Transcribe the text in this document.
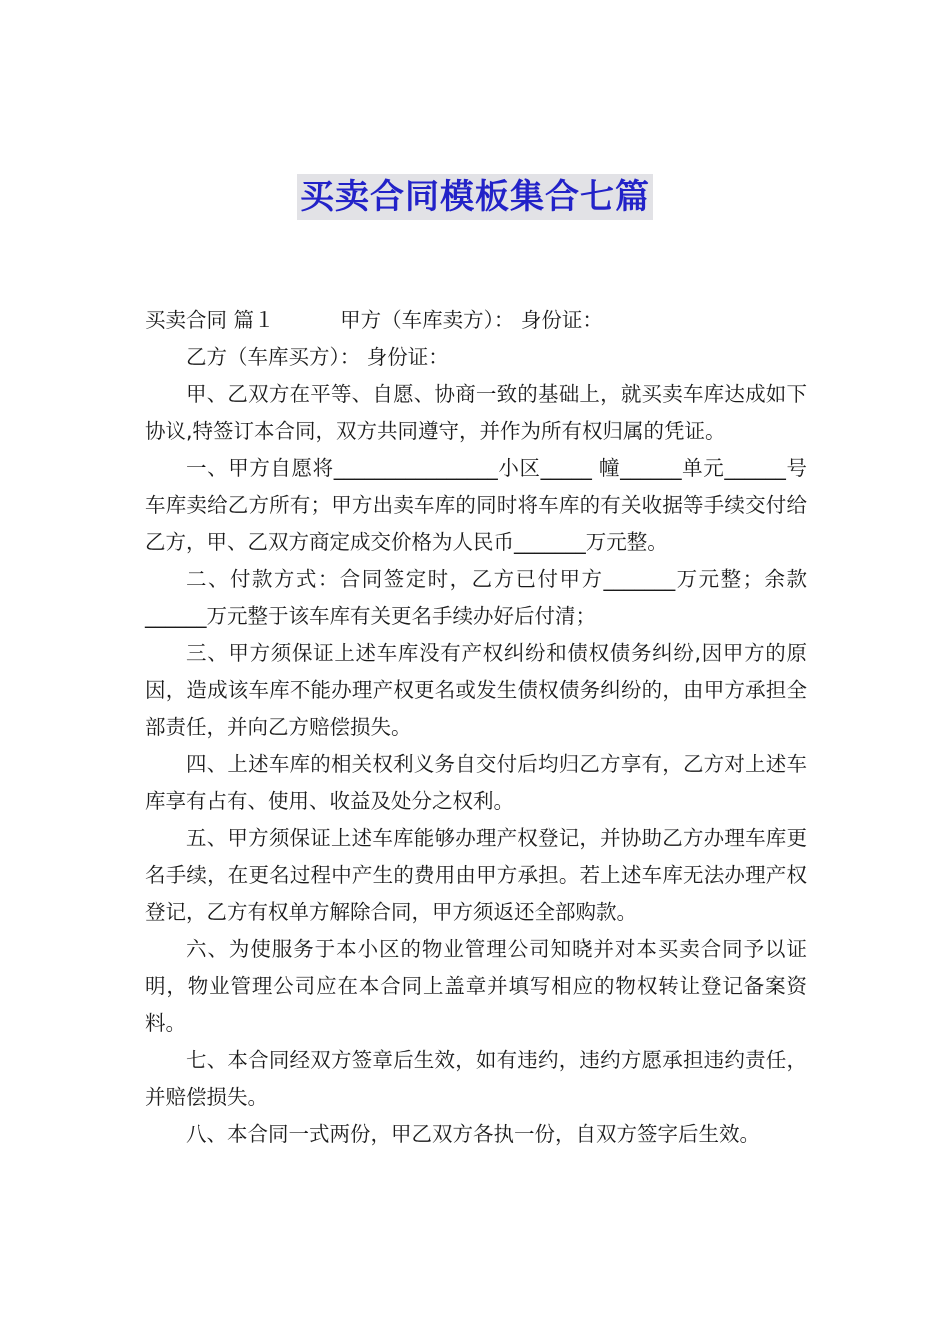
买卖合同模板集合七篇

买卖合同 篇１	甲方（车库卖方）： 身份证：

乙方（车库买方）： 身份证：

甲、乙双方在平等、自愿、协商一致的基础上，就买卖车库达成如下协议,特签订本合同，双方共同遵守，并作为所有权归属的凭证。

一、甲方自愿将________________小区_____ 幢______单元______号车库卖给乙方所有；甲方出卖车库的同时将车库的有关收据等手续交付给乙方，甲、乙双方商定成交价格为人民币_______万元整。

二、付款方式：合同签定时，乙方已付甲方_______万元整；余款______万元整于该车库有关更名手续办好后付清；

三、甲方须保证上述车库没有产权纠纷和债权债务纠纷,因甲方的原因，造成该车库不能办理产权更名或发生债权债务纠纷的，由甲方承担全部责任，并向乙方赔偿损失。

四、上述车库的相关权利义务自交付后均归乙方享有，乙方对上述车库享有占有、使用、收益及处分之权利。

五、甲方须保证上述车库能够办理产权登记，并协助乙方办理车库更名手续，在更名过程中产生的费用由甲方承担。若上述车库无法办理产权登记，乙方有权单方解除合同，甲方须返还全部购款。

六、为使服务于本小区的物业管理公司知晓并对本买卖合同予以证明，物业管理公司应在本合同上盖章并填写相应的物权转让登记备案资料。

七、本合同经双方签章后生效，如有违约，违约方愿承担违约责任，并赔偿损失。

八、本合同一式两份，甲乙双方各执一份，自双方签字后生效。
